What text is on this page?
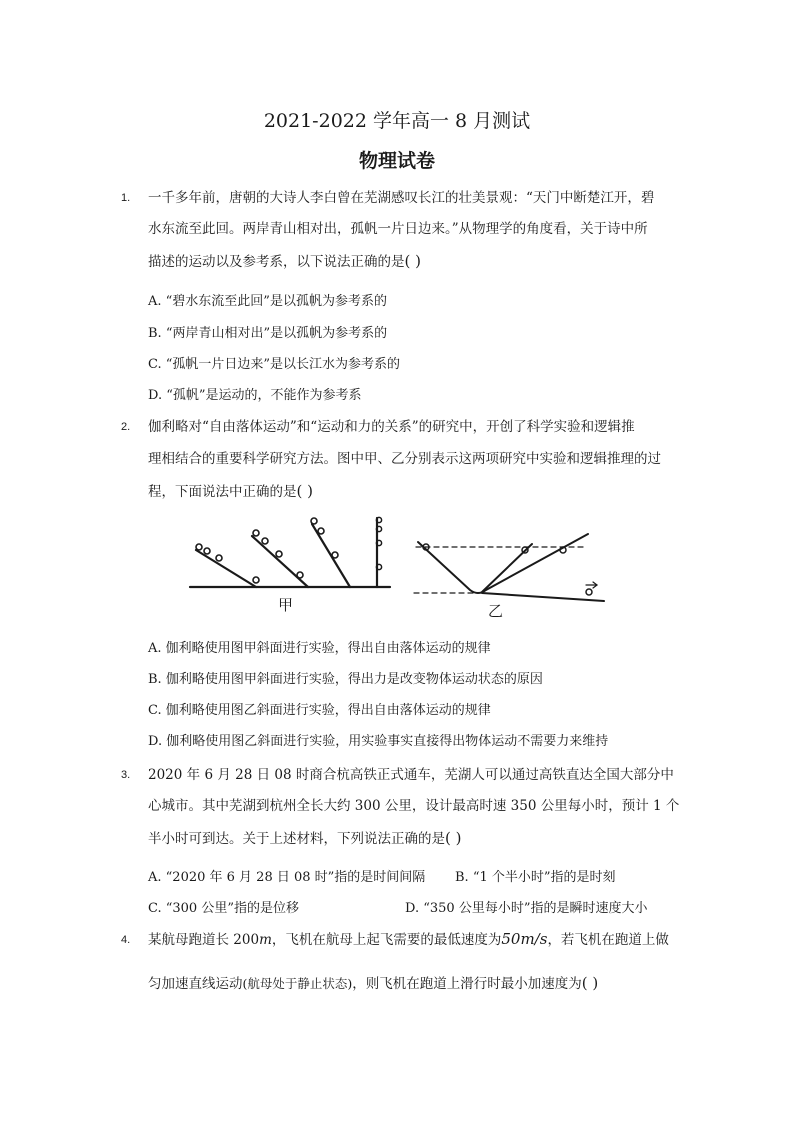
2021-2022 学年高一 8 月测试
物理试卷
1. 一千多年前，唐朝的大诗人李白曾在芜湖感叹长江的壮美景观：“天门中断楚江开，碧
水东流至此回。两岸青山相对出，孤帆一片日边来。”从物理学的角度看，关于诗中所
描述的运动以及参考系，以下说法正确的是( )
A. “碧水东流至此回”是以孤帆为参考系的
B. “两岸青山相对出”是以孤帆为参考系的
C. “孤帆一片日边来”是以长江水为参考系的
D. “孤帆”是运动的，不能作为参考系
2. 伽利略对“自由落体运动”和“运动和力的关系”的研究中，开创了科学实验和逻辑推
理相结合的重要科学研究方法。图中甲、乙分别表示这两项研究中实验和逻辑推理的过
程，下面说法中正确的是( )
甲	乙
A. 伽利略使用图甲斜面进行实验，得出自由落体运动的规律
B. 伽利略使用图甲斜面进行实验，得出力是改变物体运动状态的原因
C. 伽利略使用图乙斜面进行实验，得出自由落体运动的规律
D. 伽利略使用图乙斜面进行实验，用实验事实直接得出物体运动不需要力来维持
3. 2020 年 6 月 28 日 08 时商合杭高铁正式通车，芜湖人可以通过高铁直达全国大部分中
心城市。其中芜湖到杭州全长大约 300 公里，设计最高时速 350 公里每小时，预计 1 个
半小时可到达。关于上述材料，下列说法正确的是( )
A. “2020 年 6 月 28 日 08 时”指的是时间间隔 B. “1 个半小时”指的是时刻
C. “300 公里”指的是位移	D. “350 公里每小时”指的是瞬时速度大小
4. 某航母跑道长 200m，飞机在航母上起飞需要的最低速度为50m/s，若飞机在跑道上做
匀加速直线运动(航母处于静止状态)，则飞机在跑道上滑行时最小加速度为( )
